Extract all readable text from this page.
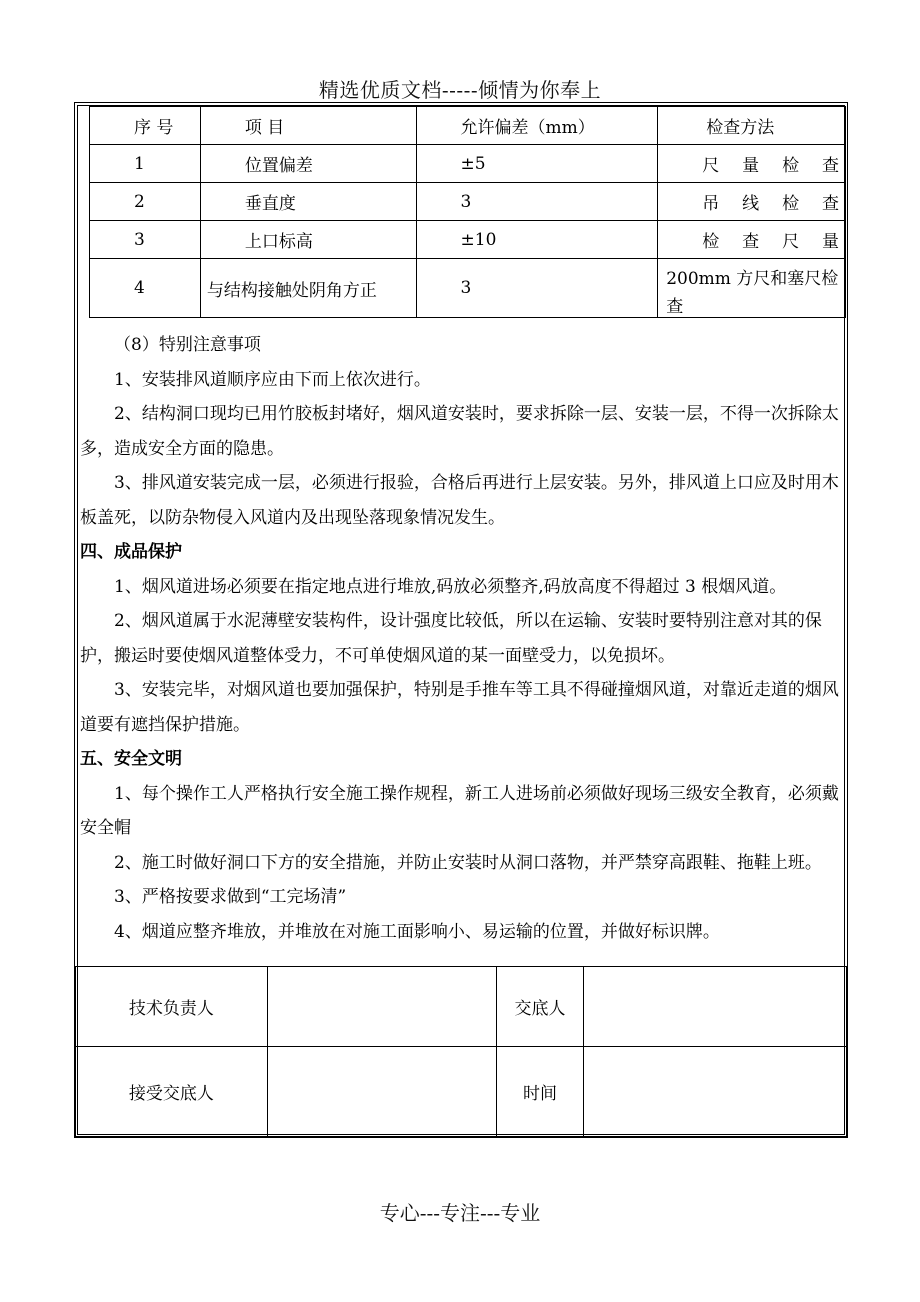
精选优质文档-----倾情为你奉上
序 号	项 目	允许偏差（mm）	检查方法
1	位置偏差	±5	尺 量 检 查
2	垂直度	3	吊 线 检 查
3	上口标高	±10	检 查 尺 量
4	与结构接触处阴角方正	3	200mm 方尺和塞尺检查

（8）特别注意事项

1、安装排风道顺序应由下而上依次进行。

2、结构洞口现均已用竹胶板封堵好，烟风道安装时，要求拆除一层、安装一层，不得一次拆除太多，造成安全方面的隐患。

3、排风道安装完成一层，必须进行报验，合格后再进行上层安装。另外，排风道上口应及时用木板盖死，以防杂物侵入风道内及出现坠落现象情况发生。

四、成品保护

1、烟风道进场必须要在指定地点进行堆放,码放必须整齐,码放高度不得超过 3 根烟风道。

2、烟风道属于水泥薄壁安装构件，设计强度比较低，所以在运输、安装时要特别注意对其的保护，搬运时要使烟风道整体受力，不可单使烟风道的某一面壁受力，以免损坏。

3、安装完毕，对烟风道也要加强保护，特别是手推车等工具不得碰撞烟风道，对靠近走道的烟风道要有遮挡保护措施。

五、安全文明

1、每个操作工人严格执行安全施工操作规程，新工人进场前必须做好现场三级安全教育，必须戴安全帽

2、施工时做好洞口下方的安全措施，并防止安装时从洞口落物，并严禁穿高跟鞋、拖鞋上班。

3、严格按要求做到“工完场清”

4、烟道应整齐堆放，并堆放在对施工面影响小、易运输的位置，并做好标识牌。

技术负责人		交底人	
接受交底人		时间	
专心---专注---专业
